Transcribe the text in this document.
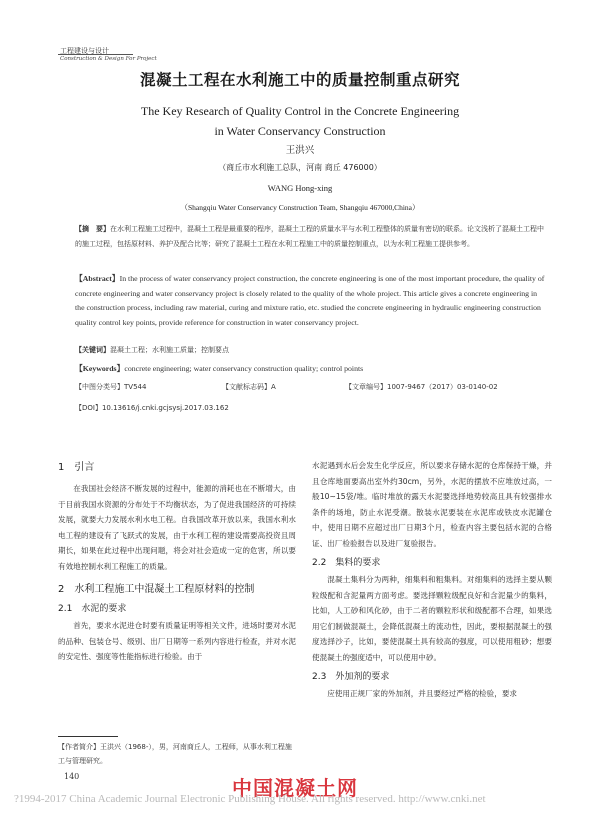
工程建设与设计
Construction & Design For Project
混凝土工程在水利施工中的质量控制重点研究
The Key Research of Quality Control in the Concrete Engineering
in Water Conservancy Construction
王洪兴
（商丘市水利施工总队，河南 商丘 476000）
WANG Hong-xing
（Shangqiu Water Conservancy Construction Team, Shangqiu 467000,China）
【摘　要】在水利工程施工过程中，混凝土工程是最重要的程序，混凝土工程的质量水平与水利工程整体的质量有密切的联系。论文浅析了混凝土工程中的施工过程，包括原材料、养护及配合比等；研究了混凝土工程在水利工程施工中的质量控制重点，以为水利工程施工提供参考。
【Abstract】In the process of water conservancy project construction, the concrete engineering is one of the most important procedure, the quality of concrete engineering and water conservancy project is closely related to the quality of the whole project. This article gives a concrete engineering in the construction process, including raw material, curing and mixture ratio, etc. studied the concrete engineering in hydraulic engineering construction quality control key points, provide reference for construction in water conservancy project.
【关键词】混凝土工程；水利施工质量；控制要点
【Keywords】concrete engineering; water conservancy construction quality; control points
【中图分类号】TV544	【文献标志码】A	【文章编号】1007-9467（2017）03-0140-02
【DOI】10.13616/j.cnki.gcjsysj.2017.03.162
1　引言
在我国社会经济不断发展的过程中，能源的消耗也在不断增大，由于目前我国水资源的分布处于不均衡状态，为了促进我国经济的可持续发展，就要大力发展水利水电工程。自我国改革开放以来，我国水利水电工程的建设有了飞跃式的发展，由于水利工程的建设需要高投资且周期长，如果在此过程中出现问题，将会对社会造成一定的危害，所以要有效地控制水利工程施工的质量。
2　水利工程施工中混凝土工程原材料的控制
2.1　水泥的要求
首先，要求水泥进仓时要有质量证明等相关文件，进场时要对水泥的品种、包装仓号、级别、出厂日期等一系列内容进行检查，并对水泥的安定性、强度等性能指标进行检验。由于
【作者简介】王洪兴（1968-），男，河南商丘人，工程师，从事水利工程施工与管理研究。
140
水泥遇到水后会发生化学反应，所以要求存储水泥的仓库保持干燥，并且仓库地面要高出室外约30cm，另外，水泥的摆放不应堆放过高，一般10~15袋/堆。临时堆放的露天水泥要选择地势较高且具有较强排水条件的场地，防止水泥受潮。散装水泥要装在水泥库或铁皮水泥罐仓中，使用日期不应超过出厂日期3个月，检查内容主要包括水泥的合格证、出厂检验报告以及进厂复验报告。
2.2　集料的要求
混凝土集料分为两种，细集料和粗集料。对细集料的选择主要从颗粒级配和含泥量两方面考虑。要选择颗粒级配良好和含泥量少的集料，比如，人工砂和风化砂，由于二者的颗粒形状和级配都不合理，如果选用它们制做混凝土，会降低混凝土的流动性，因此，要根据混凝土的强度选择沙子，比如，要使混凝土具有较高的强度，可以使用粗砂；想要使混凝土的强度适中，可以使用中砂。
2.3　外加剂的要求
应使用正规厂家的外加剂，并且要经过严格的检验，要求
中国混凝土网
?1994-2017 China Academic Journal Electronic Publishing House. All rights reserved. http://www.cnki.net
